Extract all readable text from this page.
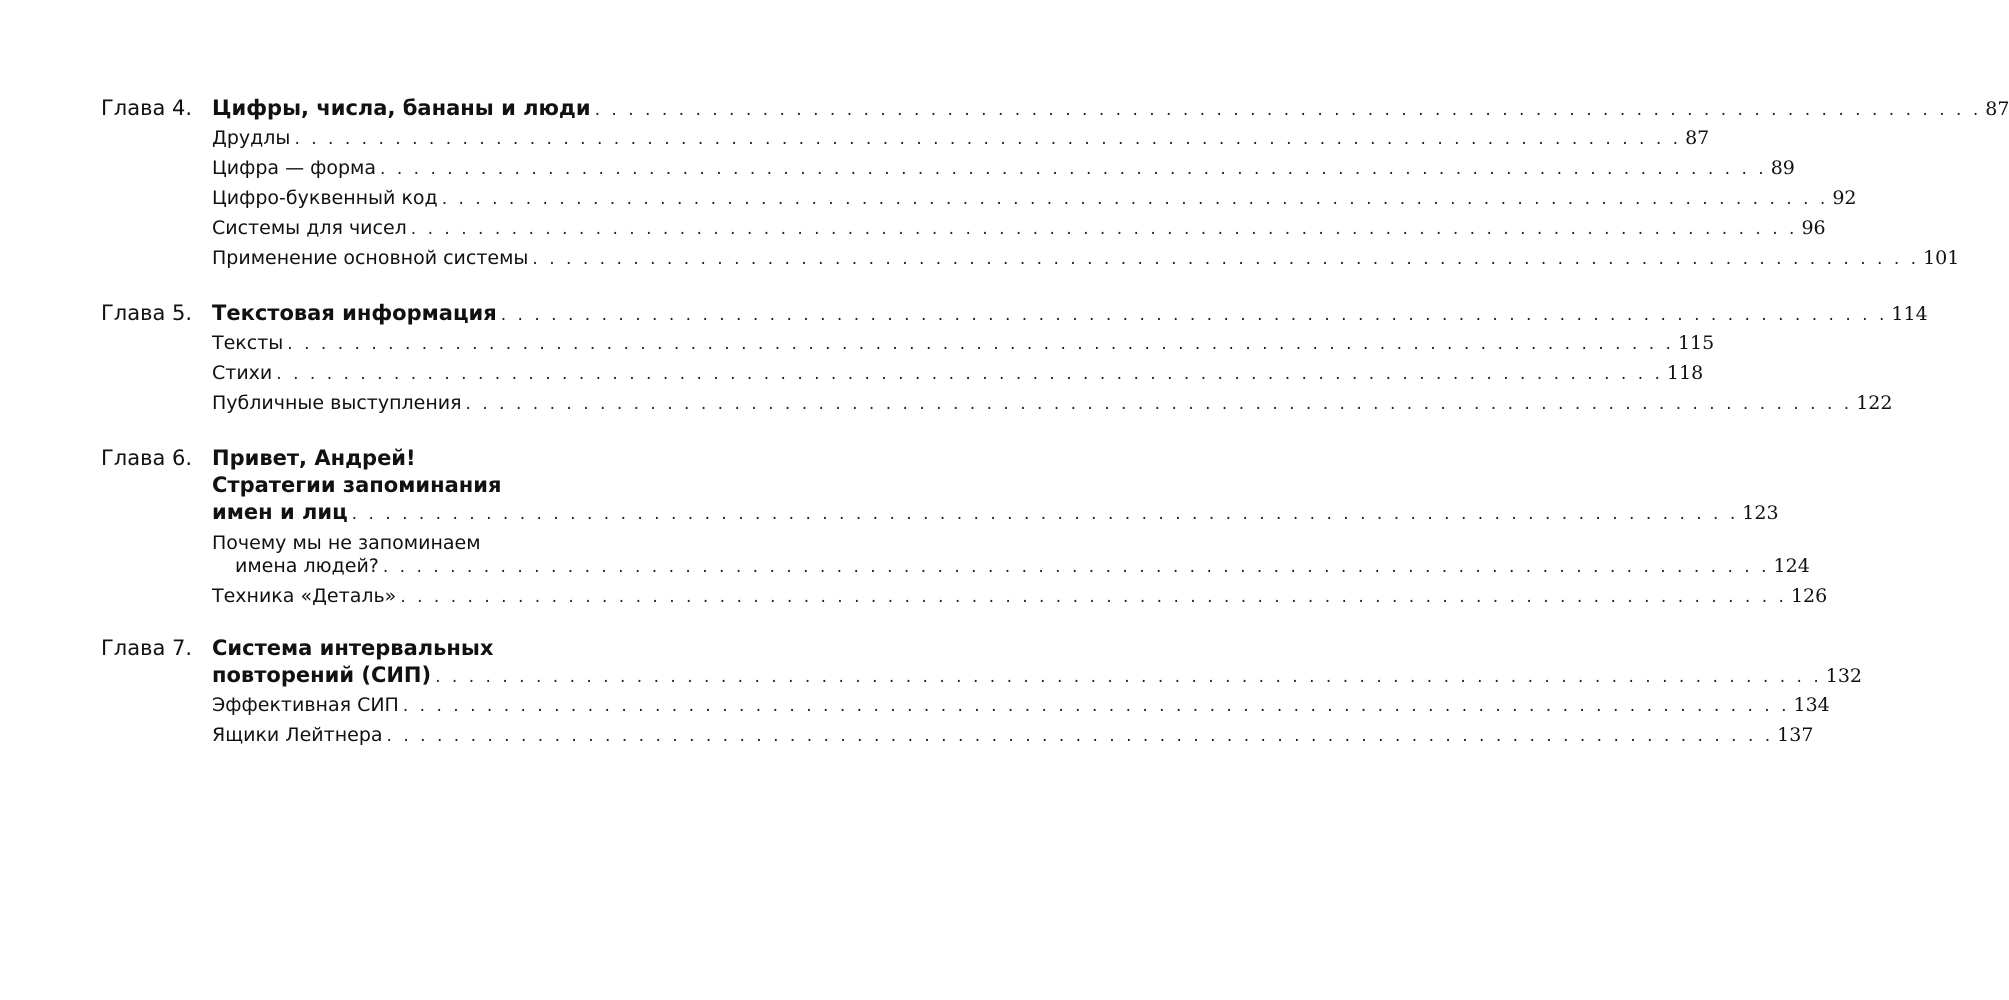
Глава 4. Цифры, числа, бананы и люди . . . . . . . . . . . . . . . . . . . . . . . . . . . . . . . . . . . . . . . . . . . . . . . . . . . . . . . . . . . . . . . . . . . . . . . . . . . . . . . . . . . 87
Друдлы . . . . . . . . . . . . . . . . . . . . . . . . . . . . . . . . . . . . . . . . . . . . . . . . . . . . . . . . . . . . . . . . . . . . . . . . . . . . . . . . . . . 87
Цифра — форма . . . . . . . . . . . . . . . . . . . . . . . . . . . . . . . . . . . . . . . . . . . . . . . . . . . . . . . . . . . . . . . . . . . . . . . . . . . . . . . . . . . 89
Цифро-буквенный код . . . . . . . . . . . . . . . . . . . . . . . . . . . . . . . . . . . . . . . . . . . . . . . . . . . . . . . . . . . . . . . . . . . . . . . . . . . . . . . . . . . 92
Системы для чисел . . . . . . . . . . . . . . . . . . . . . . . . . . . . . . . . . . . . . . . . . . . . . . . . . . . . . . . . . . . . . . . . . . . . . . . . . . . . . . . . . . . 96
Применение основной системы . . . . . . . . . . . . . . . . . . . . . . . . . . . . . . . . . . . . . . . . . . . . . . . . . . . . . . . . . . . . . . . . . . . . . . . . . . . . . . . . . . . 101
Глава 5. Текстовая информация . . . . . . . . . . . . . . . . . . . . . . . . . . . . . . . . . . . . . . . . . . . . . . . . . . . . . . . . . . . . . . . . . . . . . . . . . . . . . . . . . . . 114
Тексты . . . . . . . . . . . . . . . . . . . . . . . . . . . . . . . . . . . . . . . . . . . . . . . . . . . . . . . . . . . . . . . . . . . . . . . . . . . . . . . . . . . 115
Стихи . . . . . . . . . . . . . . . . . . . . . . . . . . . . . . . . . . . . . . . . . . . . . . . . . . . . . . . . . . . . . . . . . . . . . . . . . . . . . . . . . . . 118
Публичные выступления . . . . . . . . . . . . . . . . . . . . . . . . . . . . . . . . . . . . . . . . . . . . . . . . . . . . . . . . . . . . . . . . . . . . . . . . . . . . . . . . . . . 122
Глава 6. Привет, Андрей!
Стратегии запоминания
имен и лиц . . . . . . . . . . . . . . . . . . . . . . . . . . . . . . . . . . . . . . . . . . . . . . . . . . . . . . . . . . . . . . . . . . . . . . . . . . . . . . . . . . . 123
Почему мы не запоминаем
имена людей? . . . . . . . . . . . . . . . . . . . . . . . . . . . . . . . . . . . . . . . . . . . . . . . . . . . . . . . . . . . . . . . . . . . . . . . . . . . . . . . . . . . 124
Техника «Деталь» . . . . . . . . . . . . . . . . . . . . . . . . . . . . . . . . . . . . . . . . . . . . . . . . . . . . . . . . . . . . . . . . . . . . . . . . . . . . . . . . . . . 126
Глава 7. Система интервальных
повторений (СИП) . . . . . . . . . . . . . . . . . . . . . . . . . . . . . . . . . . . . . . . . . . . . . . . . . . . . . . . . . . . . . . . . . . . . . . . . . . . . . . . . . . . 132
Эффективная СИП . . . . . . . . . . . . . . . . . . . . . . . . . . . . . . . . . . . . . . . . . . . . . . . . . . . . . . . . . . . . . . . . . . . . . . . . . . . . . . . . . . . 134
Ящики Лейтнера . . . . . . . . . . . . . . . . . . . . . . . . . . . . . . . . . . . . . . . . . . . . . . . . . . . . . . . . . . . . . . . . . . . . . . . . . . . . . . . . . . . 137
